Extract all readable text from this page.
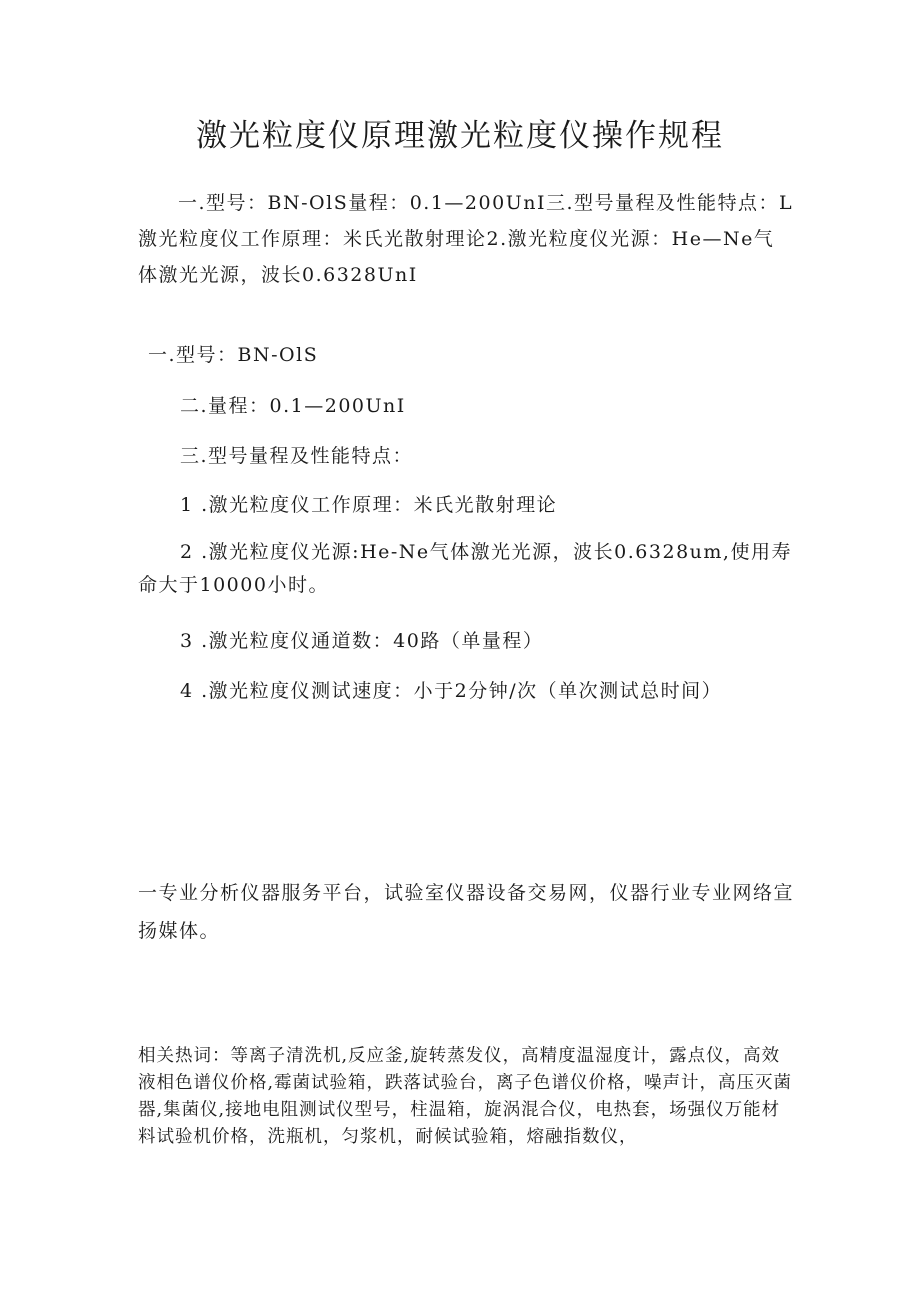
激光粒度仪原理激光粒度仪操作规程
一.型号：BN-OlS量程：0.1—200UnI三.型号量程及性能特点：L激光粒度仪工作原理：米氏光散射理论2.激光粒度仪光源：He—Ne气体激光光源，波长0.6328UnI
一.型号：BN-OlS
二.量程：0.1—200UnI
三.型号量程及性能特点：
1 .激光粒度仪工作原理：米氏光散射理论
2 .激光粒度仪光源:He-Ne气体激光光源，波长0.6328um,使用寿命大于10000小时。
3 .激光粒度仪通道数：40路（单量程）
4 .激光粒度仪测试速度：小于2分钟/次（单次测试总时间）
一专业分析仪器服务平台，试验室仪器设备交易网，仪器行业专业网络宣扬媒体。
相关热词：等离子清洗机,反应釜,旋转蒸发仪，高精度温湿度计，露点仪，高效液相色谱仪价格,霉菌试验箱，跌落试验台，离子色谱仪价格，噪声计，高压灭菌器,集菌仪,接地电阻测试仪型号，柱温箱，旋涡混合仪，电热套，场强仪万能材料试验机价格，洗瓶机，匀浆机，耐候试验箱，熔融指数仪，
